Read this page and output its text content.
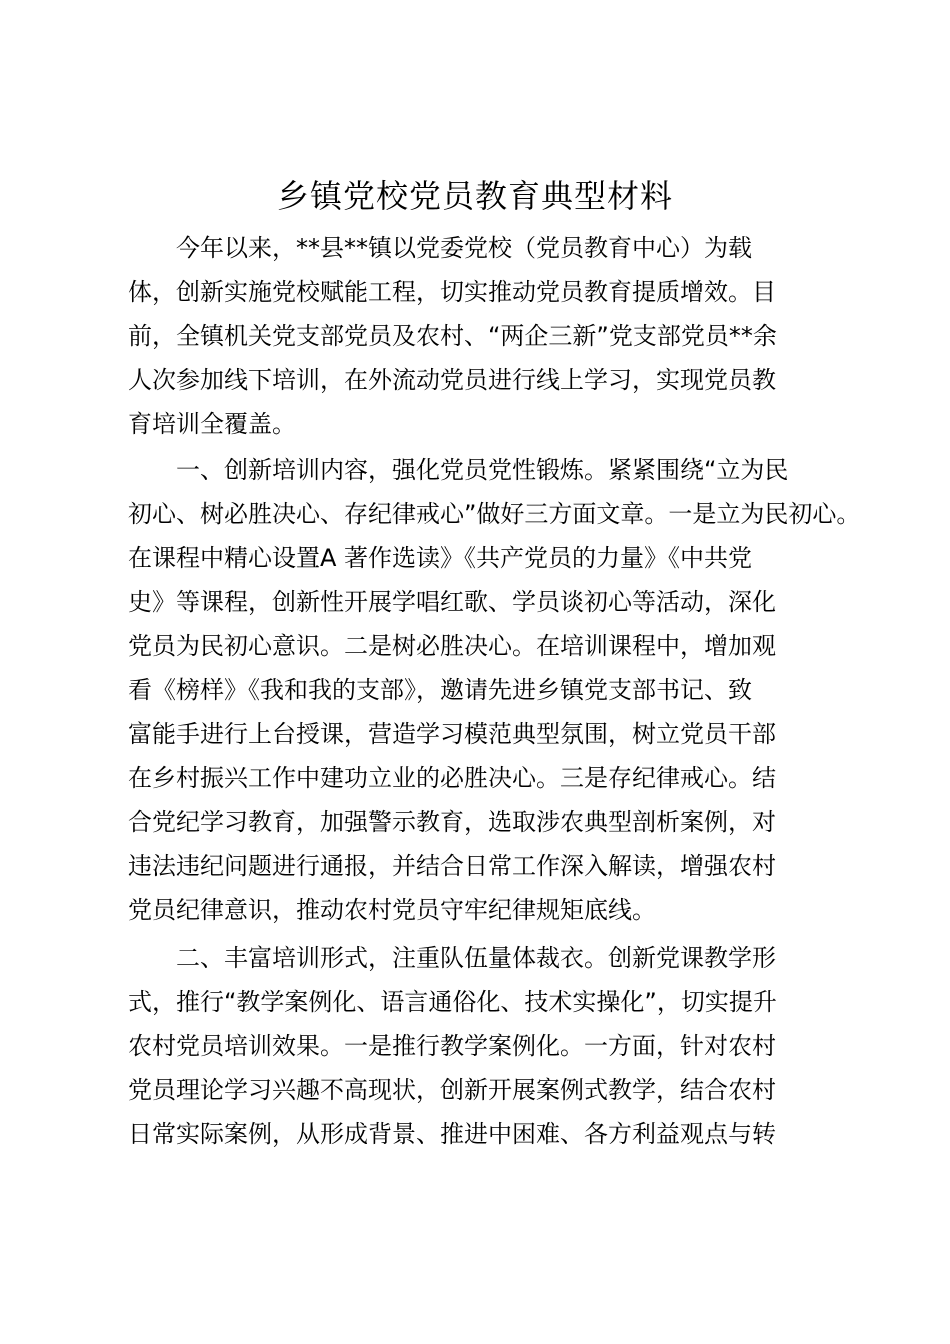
乡镇党校党员教育典型材料
　　今年以来，**县**镇以党委党校（党员教育中心）为载
体，创新实施党校赋能工程，切实推动党员教育提质增效。目
前，全镇机关党支部党员及农村、“两企三新”党支部党员**余
人次参加线下培训，在外流动党员进行线上学习，实现党员教
育培训全覆盖。
　　一、创新培训内容，强化党员党性锻炼。紧紧围绕“立为民
初心、树必胜决心、存纪律戒心”做好三方面文章。一是立为民初心。
在课程中精心设置A 著作选读》《共产党员的力量》《中共党
史》等课程，创新性开展学唱红歌、学员谈初心等活动，深化
党员为民初心意识。二是树必胜决心。在培训课程中，增加观
看《榜样》《我和我的支部》，邀请先进乡镇党支部书记、致
富能手进行上台授课，营造学习模范典型氛围，树立党员干部
在乡村振兴工作中建功立业的必胜决心。三是存纪律戒心。结
合党纪学习教育，加强警示教育，选取涉农典型剖析案例，对
违法违纪问题进行通报，并结合日常工作深入解读，增强农村
党员纪律意识，推动农村党员守牢纪律规矩底线。
　　二、丰富培训形式，注重队伍量体裁衣。创新党课教学形
式，推行“教学案例化、语言通俗化、技术实操化”，切实提升
农村党员培训效果。一是推行教学案例化。一方面，针对农村
党员理论学习兴趣不高现状，创新开展案例式教学，结合农村
日常实际案例，从形成背景、推进中困难、各方利益观点与转
